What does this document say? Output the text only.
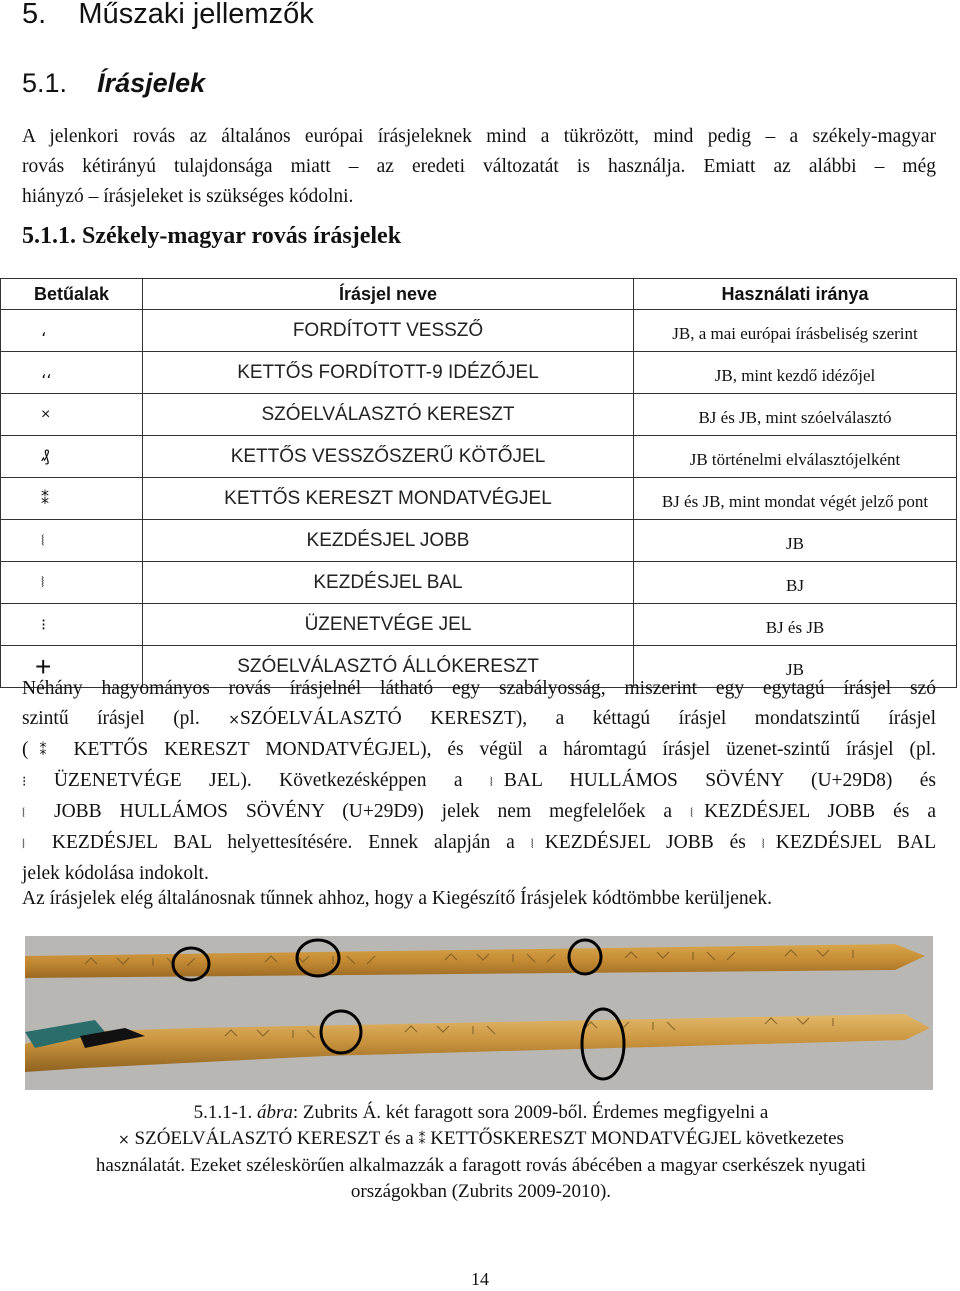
5. Műszaki jellemzők
5.1. Írásjelek
A jelenkori rovás az általános európai írásjeleknek mind a tükrözött, mind pedig – a székely-magyar
rovás kétirányú tulajdonsága miatt – az eredeti változatát is használja. Emiatt az alábbi – még
hiányzó – írásjeleket is szükséges kódolni.
5.1.1. Székely-magyar rovás írásjelek
Betűalak	Írásjel neve	Használati iránya
،	FORDÍTOTT VESSZŐ	JB, a mai európai írásbeliség szerint
،،	KETTŐS FORDÍTOTT-9 IDÉZŐJEL	JB, mint kezdő idézőjel
×	SZÓELVÁLASZTÓ KERESZT	BJ és JB, mint szóelválasztó
₰	KETTŐS VESSZŐSZERŰ KÖTŐJEL	JB történelmi elválasztójelként
⁑	KETTŐS KERESZT MONDATVÉGJEL	BJ és JB, mint mondat végét jelző pont
⧙	KEZDÉSJEL JOBB	JB
⧘	KEZDÉSJEL BAL	BJ
⁝	ÜZENETVÉGE JEL	BJ és JB
+	SZÓELVÁLASZTÓ ÁLLÓKERESZT	JB
Néhány hagyományos rovás írásjelnél látható egy szabályosság, miszerint egy egytagú írásjel szó
szintű írásjel (pl. ×SZÓELVÁLASZTÓ KERESZT), a kéttagú írásjel mondatszintű írásjel
(⁑ KETTŐS KERESZT MONDATVÉGJEL), és végül a háromtagú írásjel üzenet-szintű írásjel (pl.
⁝ ÜZENETVÉGE JEL). Következésképpen a ⧘ BAL HULLÁMOS SÖVÉNY (U+29D8) és
⧙ JOBB HULLÁMOS SÖVÉNY (U+29D9) jelek nem megfelelőek a ⧙ KEZDÉSJEL JOBB és a
⧘ KEZDÉSJEL BAL helyettesítésére. Ennek alapján a ⧙ KEZDÉSJEL JOBB és ⧘ KEZDÉSJEL BAL
jelek kódolása indokolt.
Az írásjelek elég általánosnak tűnnek ahhoz, hogy a Kiegészítő Írásjelek kódtömbbe kerüljenek.
5.1.1-1. ábra: Zubrits Á. két faragott sora 2009-ből. Érdemes megfigyelni a
× SZÓELVÁLASZTÓ KERESZT és a ⁑ KETTŐSKERESZT MONDATVÉGJEL következetes
használatát. Ezeket széleskörűen alkalmazzák a faragott rovás ábécében a magyar cserkészek nyugati
országokban (Zubrits 2009-2010).
14
